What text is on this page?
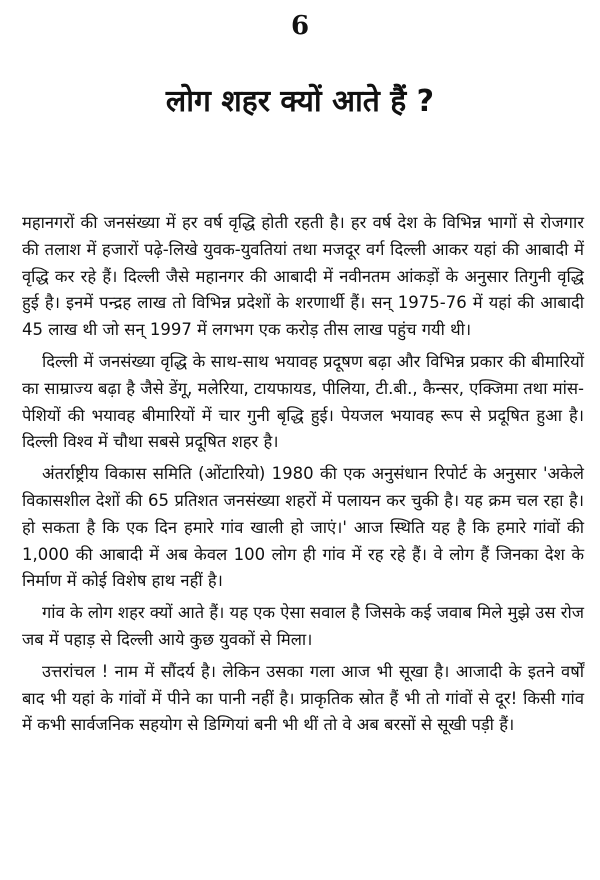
6
लोग शहर क्यों आते हैं ?

महानगरों की जनसंख्या में हर वर्ष वृद्धि होती रहती है। हर वर्ष देश के विभिन्न भागों से रोजगार की तलाश में हजारों पढ़े-लिखे युवक-युवतियां तथा मजदूर वर्ग दिल्ली आकर यहां की आबादी में वृद्धि कर रहे हैं। दिल्ली जैसे महानगर की आबादी में नवीनतम आंकड़ों के अनुसार तिगुनी वृद्धि हुई है। इनमें पन्द्रह लाख तो विभिन्न प्रदेशों के शरणार्थी हैं। सन् 1975-76 में यहां की आबादी 45 लाख थी जो सन् 1997 में लगभग एक करोड़ तीस लाख पहुंच गयी थी।

दिल्ली में जनसंख्या वृद्धि के साथ-साथ भयावह प्रदूषण बढ़ा और विभिन्न प्रकार की बीमारियों का साम्राज्य बढ़ा है जैसे डेंगू, मलेरिया, टायफायड, पीलिया, टी.बी., कैन्सर, एक्जिमा तथा मांस-पेशियों की भयावह बीमारियों में चार गुनी बृद्धि हुई। पेयजल भयावह रूप से प्रदूषित हुआ है। दिल्ली विश्व में चौथा सबसे प्रदूषित शहर है।

अंतर्राष्ट्रीय विकास समिति (ओंटारियो) 1980 की एक अनुसंधान रिपोर्ट के अनुसार 'अकेले विकासशील देशों की 65 प्रतिशत जनसंख्या शहरों में पलायन कर चुकी है। यह क्रम चल रहा है। हो सकता है कि एक दिन हमारे गांव खाली हो जाएं।' आज स्थिति यह है कि हमारे गांवों की 1,000 की आबादी में अब केवल 100 लोग ही गांव में रह रहे हैं। वे लोग हैं जिनका देश के निर्माण में कोई विशेष हाथ नहीं है।

गांव के लोग शहर क्यों आते हैं। यह एक ऐसा सवाल है जिसके कई जवाब मिले मुझे उस रोज जब में पहाड़ से दिल्ली आये कुछ युवकों से मिला।

उत्तरांचल ! नाम में सौंदर्य है। लेकिन उसका गला आज भी सूखा है। आजादी के इतने वर्षों बाद भी यहां के गांवों में पीने का पानी नहीं है। प्राकृतिक स्रोत हैं भी तो गांवों से दूर! किसी गांव में कभी सार्वजनिक सहयोग से डिग्गियां बनी भी थीं तो वे अब बरसों से सूखी पड़ी हैं।
